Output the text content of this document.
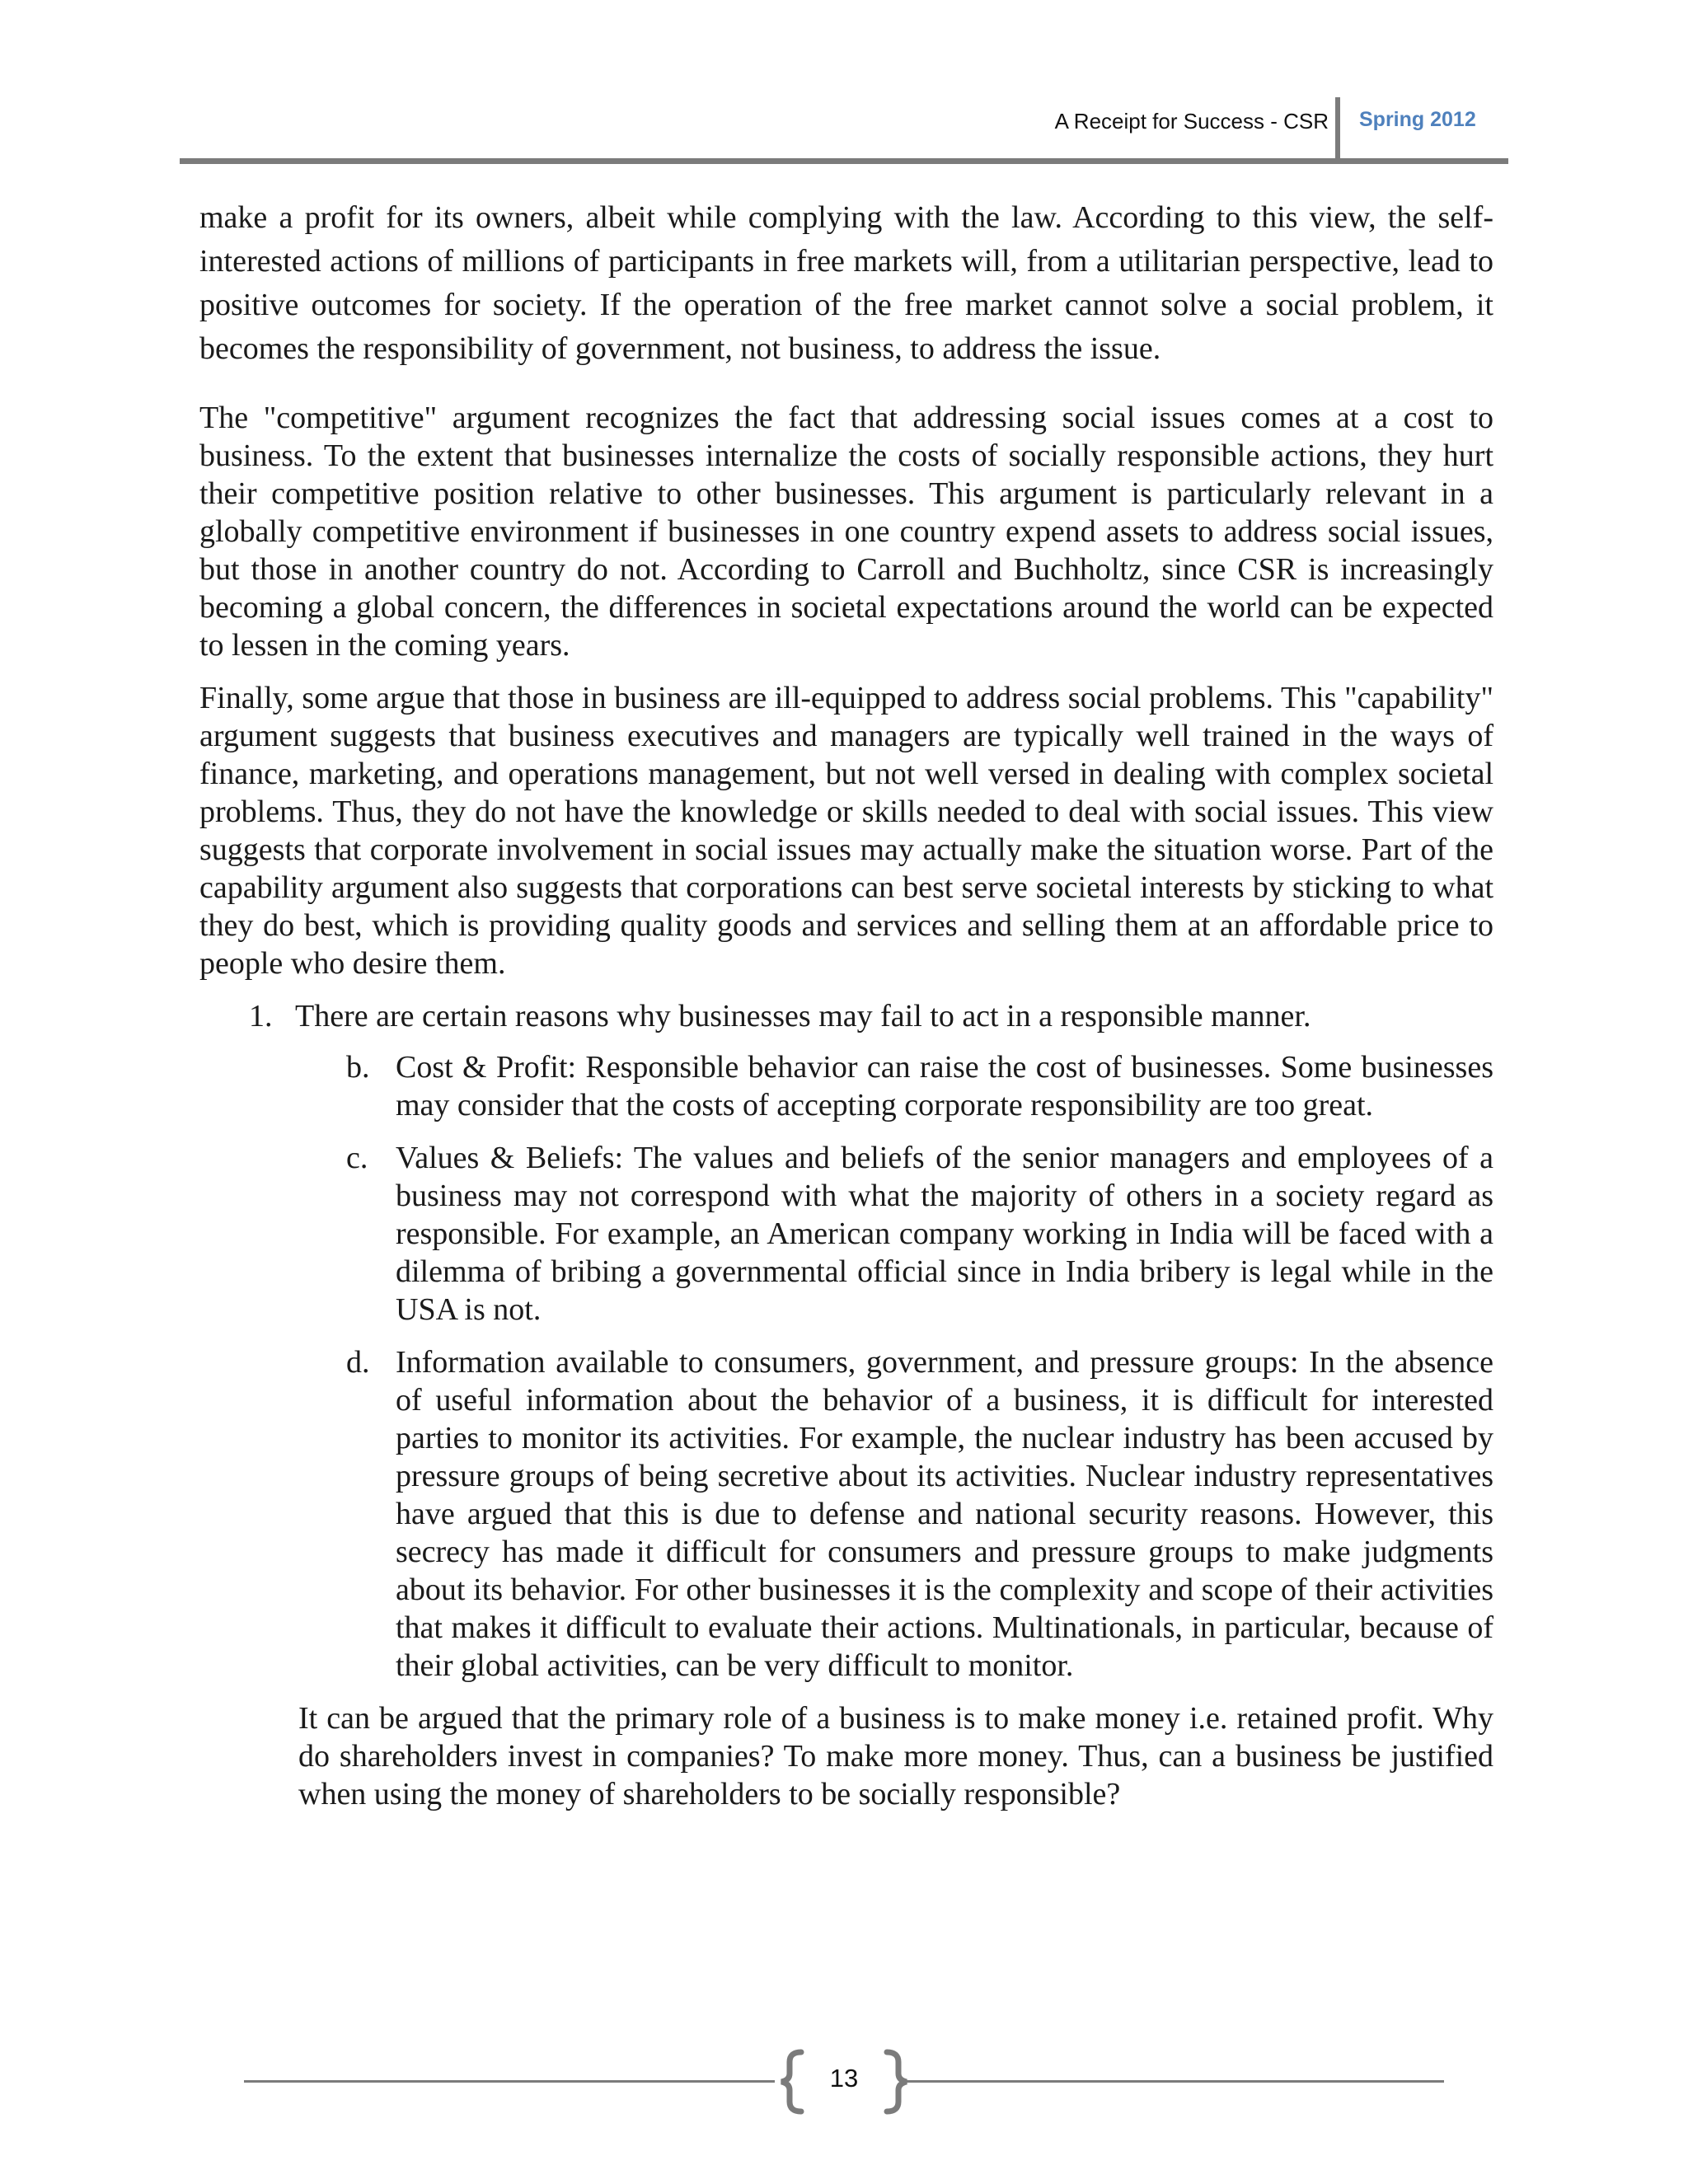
A Receipt for Success - CSR Spring 2012

make a profit for its owners, albeit while complying with the law. According to this view, the self-interested actions of millions of participants in free markets will, from a utilitarian perspective, lead to positive outcomes for society. If the operation of the free market cannot solve a social problem, it becomes the responsibility of government, not business, to address the issue.

The "competitive" argument recognizes the fact that addressing social issues comes at a cost to business. To the extent that businesses internalize the costs of socially responsible actions, they hurt their competitive position relative to other businesses. This argument is particularly relevant in a globally competitive environment if businesses in one country expend assets to address social issues, but those in another country do not. According to Carroll and Buchholtz, since CSR is increasingly becoming a global concern, the differences in societal expectations around the world can be expected to lessen in the coming years.

Finally, some argue that those in business are ill-equipped to address social problems. This "capability" argument suggests that business executives and managers are typically well trained in the ways of finance, marketing, and operations management, but not well versed in dealing with complex societal problems. Thus, they do not have the knowledge or skills needed to deal with social issues. This view suggests that corporate involvement in social issues may actually make the situation worse. Part of the capability argument also suggests that corporations can best serve societal interests by sticking to what they do best, which is providing quality goods and services and selling them at an affordable price to people who desire them.

1. There are certain reasons why businesses may fail to act in a responsible manner.
b. Cost & Profit: Responsible behavior can raise the cost of businesses. Some businesses may consider that the costs of accepting corporate responsibility are too great.
c. Values & Beliefs: The values and beliefs of the senior managers and employees of a business may not correspond with what the majority of others in a society regard as responsible. For example, an American company working in India will be faced with a dilemma of bribing a governmental official since in India bribery is legal while in the USA is not.
d. Information available to consumers, government, and pressure groups: In the absence of useful information about the behavior of a business, it is difficult for interested parties to monitor its activities. For example, the nuclear industry has been accused by pressure groups of being secretive about its activities. Nuclear industry representatives have argued that this is due to defense and national security reasons. However, this secrecy has made it difficult for consumers and pressure groups to make judgments about its behavior. For other businesses it is the complexity and scope of their activities that makes it difficult to evaluate their actions. Multinationals, in particular, because of their global activities, can be very difficult to monitor.

It can be argued that the primary role of a business is to make money i.e. retained profit. Why do shareholders invest in companies? To make more money. Thus, can a business be justified when using the money of shareholders to be socially responsible?

13
